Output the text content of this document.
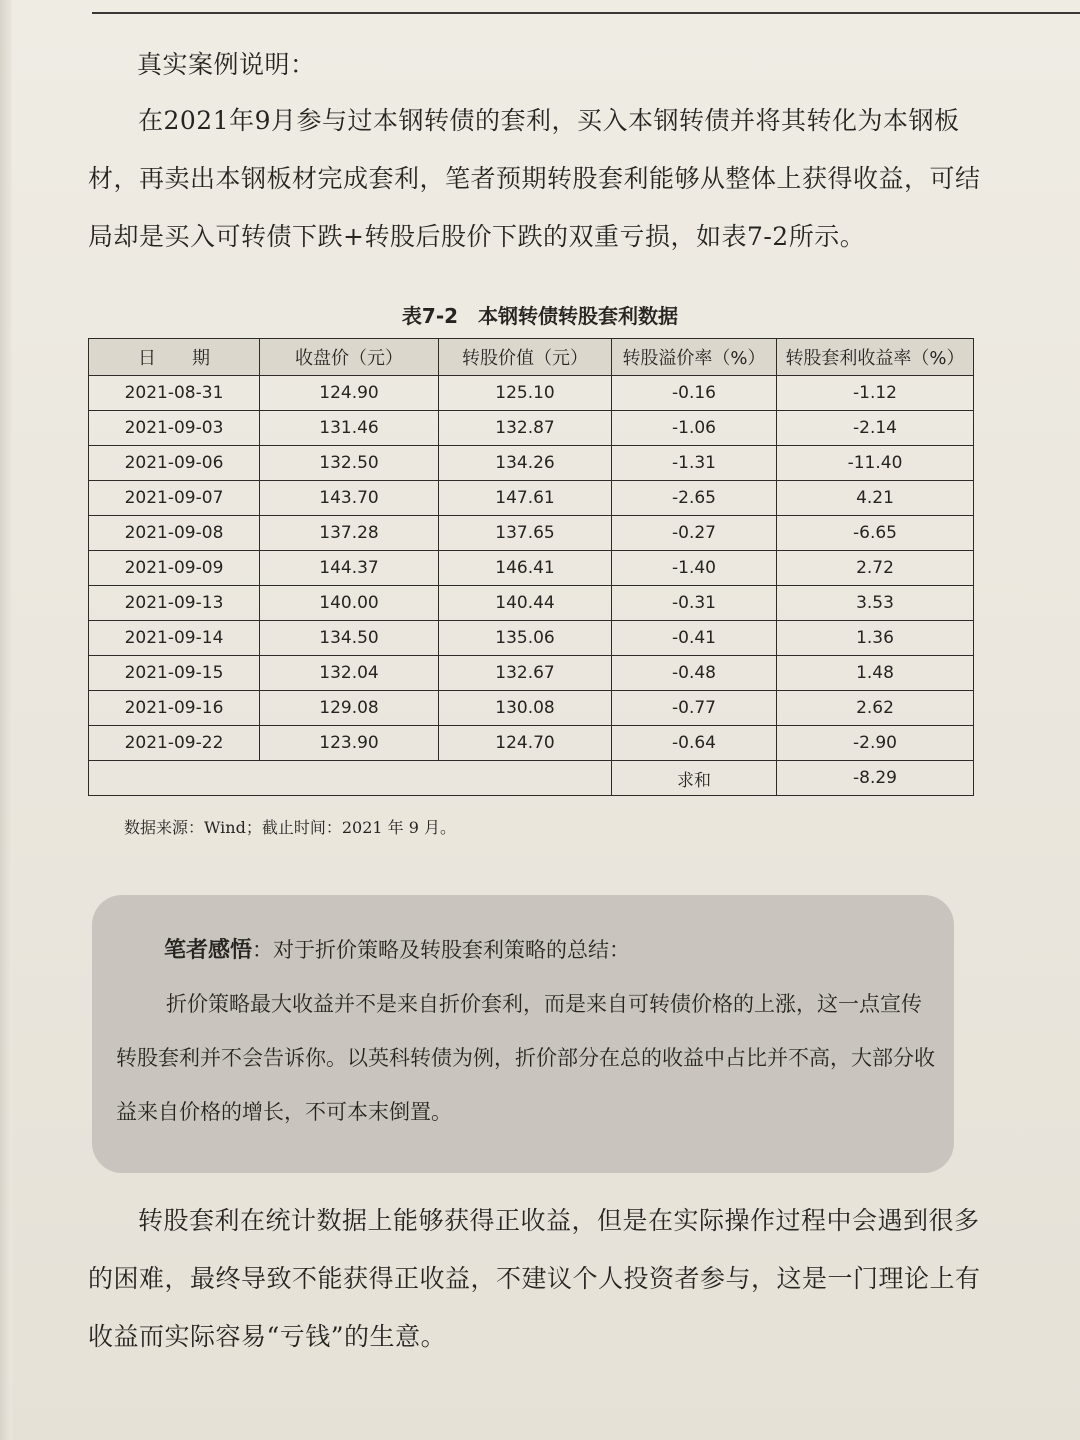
真实案例说明：

在2021年9月参与过本钢转债的套利，买入本钢转债并将其转化为本钢板材，再卖出本钢板材完成套利，笔者预期转股套利能够从整体上获得收益，可结局却是买入可转债下跌+转股后股价下跌的双重亏损，如表7-2所示。

表7-2　本钢转债转股套利数据
日　　期	收盘价（元）	转股价值（元）	转股溢价率（%）	转股套利收益率（%）
2021-08-31	124.90	125.10	-0.16	-1.12
2021-09-03	131.46	132.87	-1.06	-2.14
2021-09-06	132.50	134.26	-1.31	-11.40
2021-09-07	143.70	147.61	-2.65	4.21
2021-09-08	137.28	137.65	-0.27	-6.65
2021-09-09	144.37	146.41	-1.40	2.72
2021-09-13	140.00	140.44	-0.31	3.53
2021-09-14	134.50	135.06	-0.41	1.36
2021-09-15	132.04	132.67	-0.48	1.48
2021-09-16	129.08	130.08	-0.77	2.62
2021-09-22	123.90	124.70	-0.64	-2.90
			求和	-8.29
数据来源：Wind；截止时间：2021 年 9 月。
笔者感悟：对于折价策略及转股套利策略的总结：

折价策略最大收益并不是来自折价套利，而是来自可转债价格的上涨，这一点宣传转股套利并不会告诉你。以英科转债为例，折价部分在总的收益中占比并不高，大部分收益来自价格的增长，不可本末倒置。

转股套利在统计数据上能够获得正收益，但是在实际操作过程中会遇到很多的困难，最终导致不能获得正收益，不建议个人投资者参与，这是一门理论上有收益而实际容易“亏钱”的生意。
